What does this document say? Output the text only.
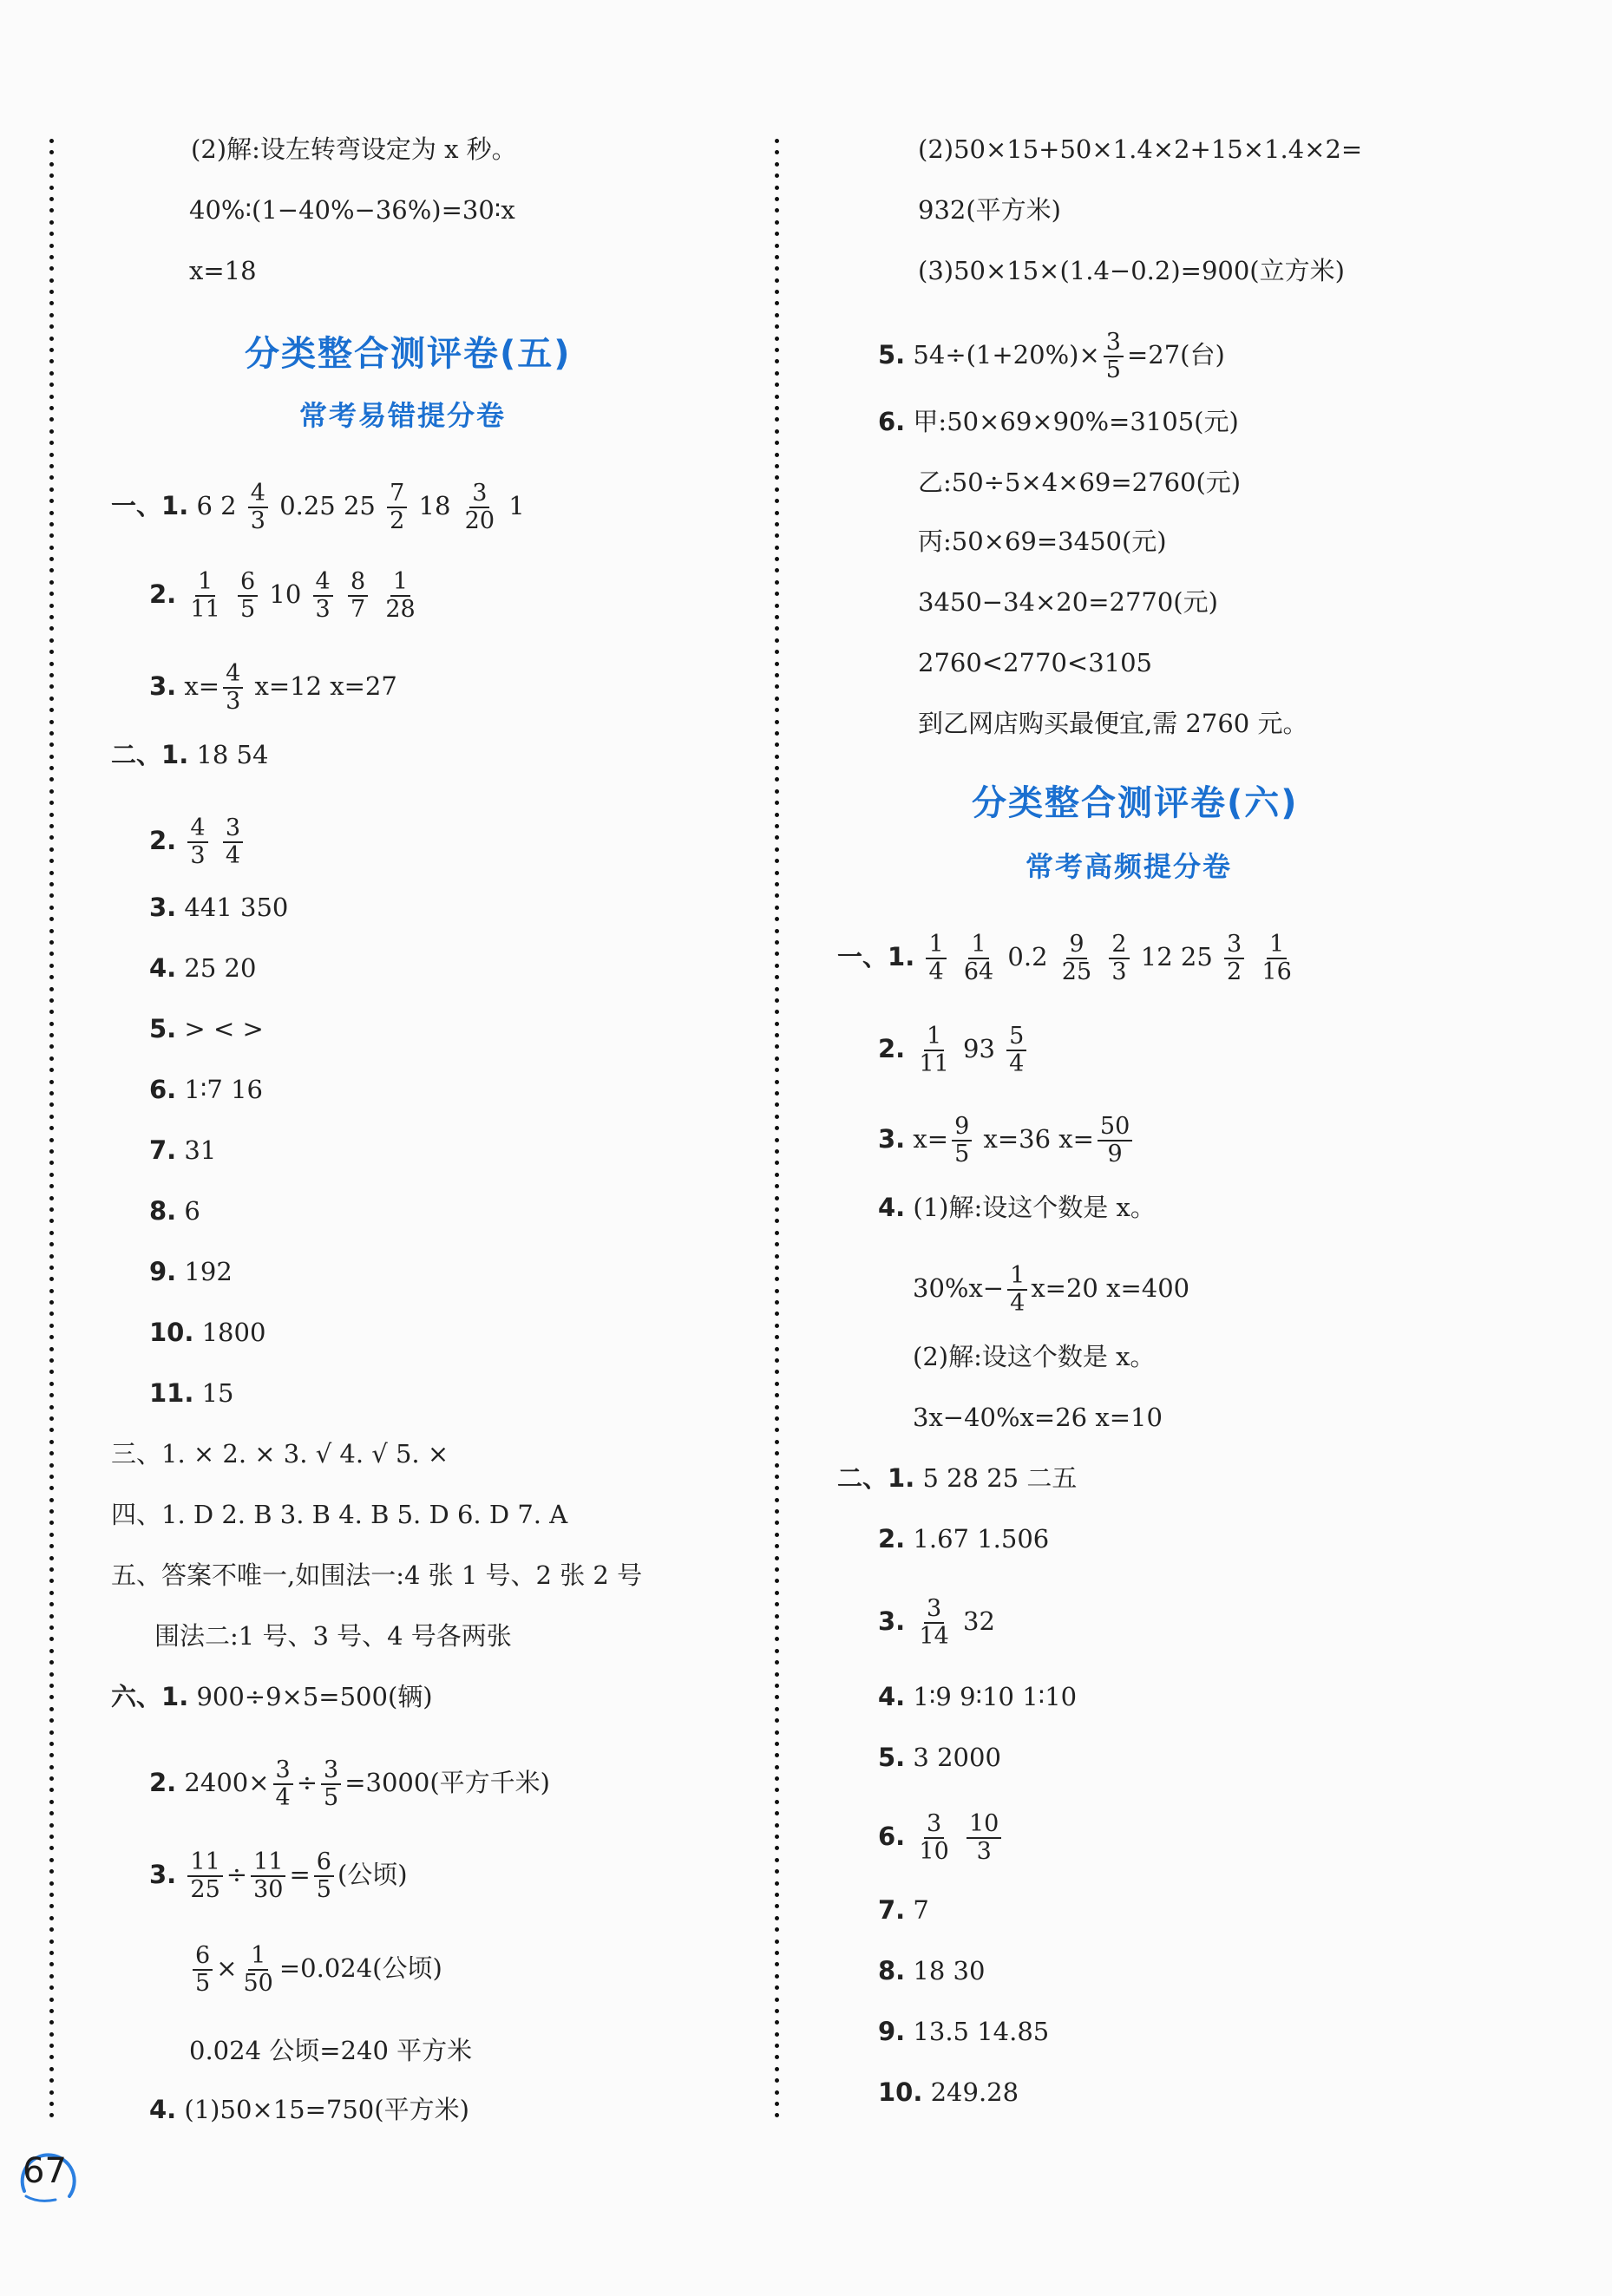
(2)解:设左转弯设定为 x 秒。
40%∶(1−40%−36%)=30∶x
x=18
分类整合测评卷(五)
常考易错提分卷
一、1. 6 $2 \frac{4}{3} 0.25$ $25 \frac{7}{2} 18 \frac{3}{20} 1$
2. $\frac{1}{11}$
$\frac{6}{5} 10 \frac{4}{3}$
$\frac{8}{7}$
$\frac{1}{28}$
3. $x= \frac{4}{3} x=12$ x=27
二、1. 18 54
2. $\frac{4}{3}$
$\frac{3}{4}$
3. 441 350
4. 25 20
5. > < >
6. 1∶7 16
7. 31
8. 6
9. 192
10. 1800
11. 15
三、1. × 2. × 3. √ 4. √ 5. ×
四、1. D 2. B 3. B 4. B 5. D 6. D 7. A
五、答案不唯一,如围法一:4 张 1 号、2 张 2 号
围法二:1 号、3 号、4 号各两张
六、1. 900÷9×5=500(辆)
2. $2400\times \frac{3}{4} \div \frac{3}{5} =3000$(平方千米)
3. $\frac{11}{25} \div \frac{11}{30} = \frac{6}{5}$ (公顷)
$\frac{6}{5} \times \frac{1}{50} =0.024$(公顷)
0.024 公顷=240 平方米
4. (1)50×15=750(平方米)
(2)50×15+50×1.4×2+15×1.4×2=
932(平方米)
(3)50×15×(1.4−0.2)=900(立方米)
5. $54\div(1+20\%)\times \frac{3}{5} =27$(台)
6. 甲:50×69×90%=3105(元)
乙:50÷5×4×69=2760(元)
丙:50×69=3450(元)
3450−34×20=2770(元)
2760<2770<3105
到乙网店购买最便宜,需 2760 元。
分类整合测评卷(六)
常考高频提分卷
一、1. $\frac{1}{4}$
$\frac{1}{64} 0.2 \frac{9}{25}$
$\frac{2}{3} 12$ $25 \frac{3}{2}$
$\frac{1}{16}$
2. $\frac{1}{11} 93 \frac{5}{4}$
3. $x= \frac{9}{5} x=36$ $x= \frac{50}{9}$
4. (1)解:设这个数是 x。
$30\%x- \frac{1}{4} x=20$ x=400
(2)解:设这个数是 x。
3x−40%x=26 x=10
二、1. 5 28 25 二五
2. 1.67 1.506
3. $\frac{3}{14} 32$
4. 1∶9 9∶10 1∶10
5. 3 2000
6. $\frac{3}{10}$
$\frac{10}{3}$
7. 7
8. 18 30
9. 13.5 14.85
10. 249.28
67
